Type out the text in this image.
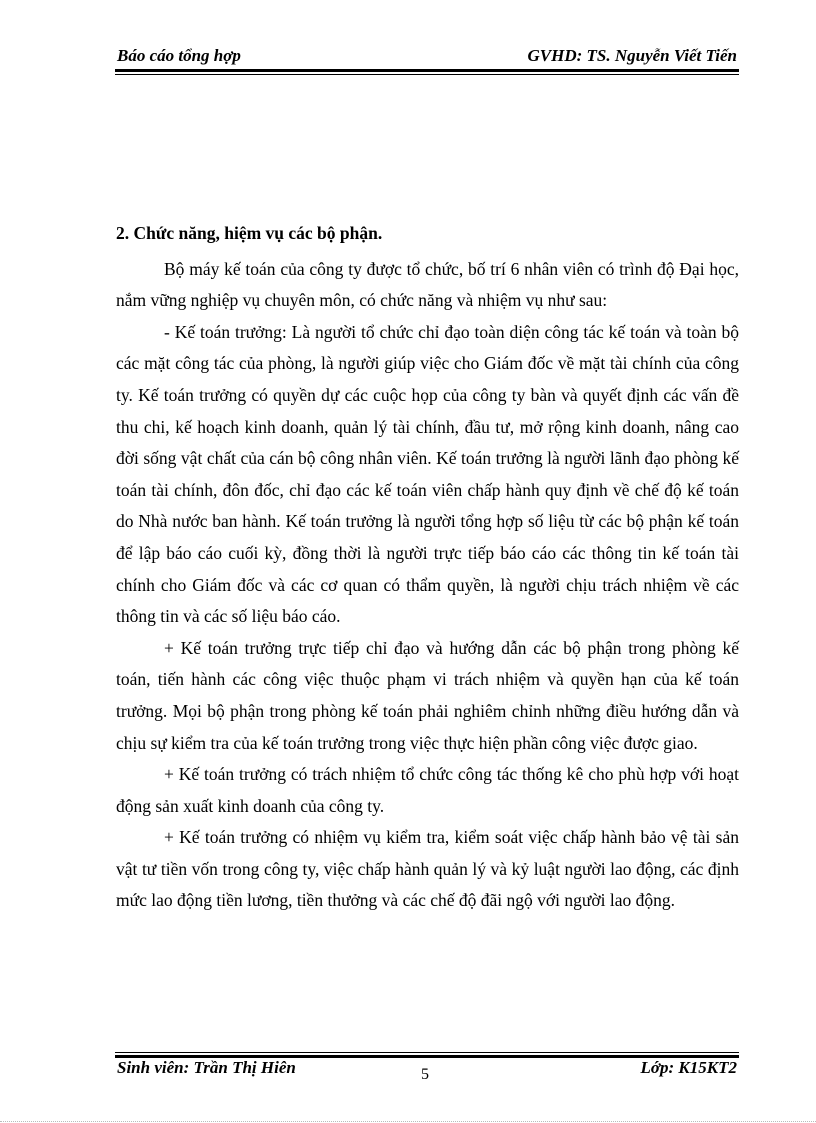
Báo cáo tổng hợp	GVHD: TS. Nguyễn Viết Tiến

2. Chức năng, hiệm vụ các bộ phận.

Bộ máy kế toán của công ty được tổ chức, bố trí 6 nhân viên có trình độ Đại học, nắm vững nghiệp vụ chuyên môn, có chức năng và nhiệm vụ như sau:

- Kế toán trưởng: Là người tổ chức chỉ đạo toàn diện công tác kế toán và toàn bộ các mặt công tác của phòng, là người giúp việc cho Giám đốc về mặt tài chính của công ty. Kế toán trưởng có quyền dự các cuộc họp của công ty bàn và quyết định các vấn đề thu chi, kế hoạch kinh doanh, quản lý tài chính, đầu tư, mở rộng kinh doanh, nâng cao đời sống vật chất của cán bộ công nhân viên. Kế toán trưởng là người lãnh đạo phòng kế toán tài chính, đôn đốc, chỉ đạo các kế toán viên chấp hành quy định về chế độ kế toán do Nhà nước ban hành. Kế toán trưởng là người tổng hợp số liệu từ các bộ phận kế toán để lập báo cáo cuối kỳ, đồng thời là người trực tiếp báo cáo các thông tin kế toán tài chính cho Giám đốc và các cơ quan có thẩm quyền, là người chịu trách nhiệm về các thông tin và các số liệu báo cáo.

+ Kế toán trưởng trực tiếp chỉ đạo và hướng dẫn các bộ phận trong phòng kế toán, tiến hành các công việc thuộc phạm vi trách nhiệm và quyền hạn của kế toán trưởng. Mọi bộ phận trong phòng kế toán phải nghiêm chỉnh những điều hướng dẫn và chịu sự kiểm tra của kế toán trưởng trong việc thực hiện phần công việc được giao.

+ Kế toán trưởng có trách nhiệm tổ chức công tác thống kê cho phù hợp với hoạt động sản xuất kinh doanh của công ty.

+ Kế toán trưởng có nhiệm vụ kiểm tra, kiểm soát việc chấp hành bảo vệ tài sản vật tư tiền vốn trong công ty, việc chấp hành quản lý và kỷ luật người lao động, các định mức lao động tiền lương, tiền thưởng và các chế độ đãi ngộ với người lao động.

Sinh viên: Trần Thị Hiên	5	Lớp: K15KT2
